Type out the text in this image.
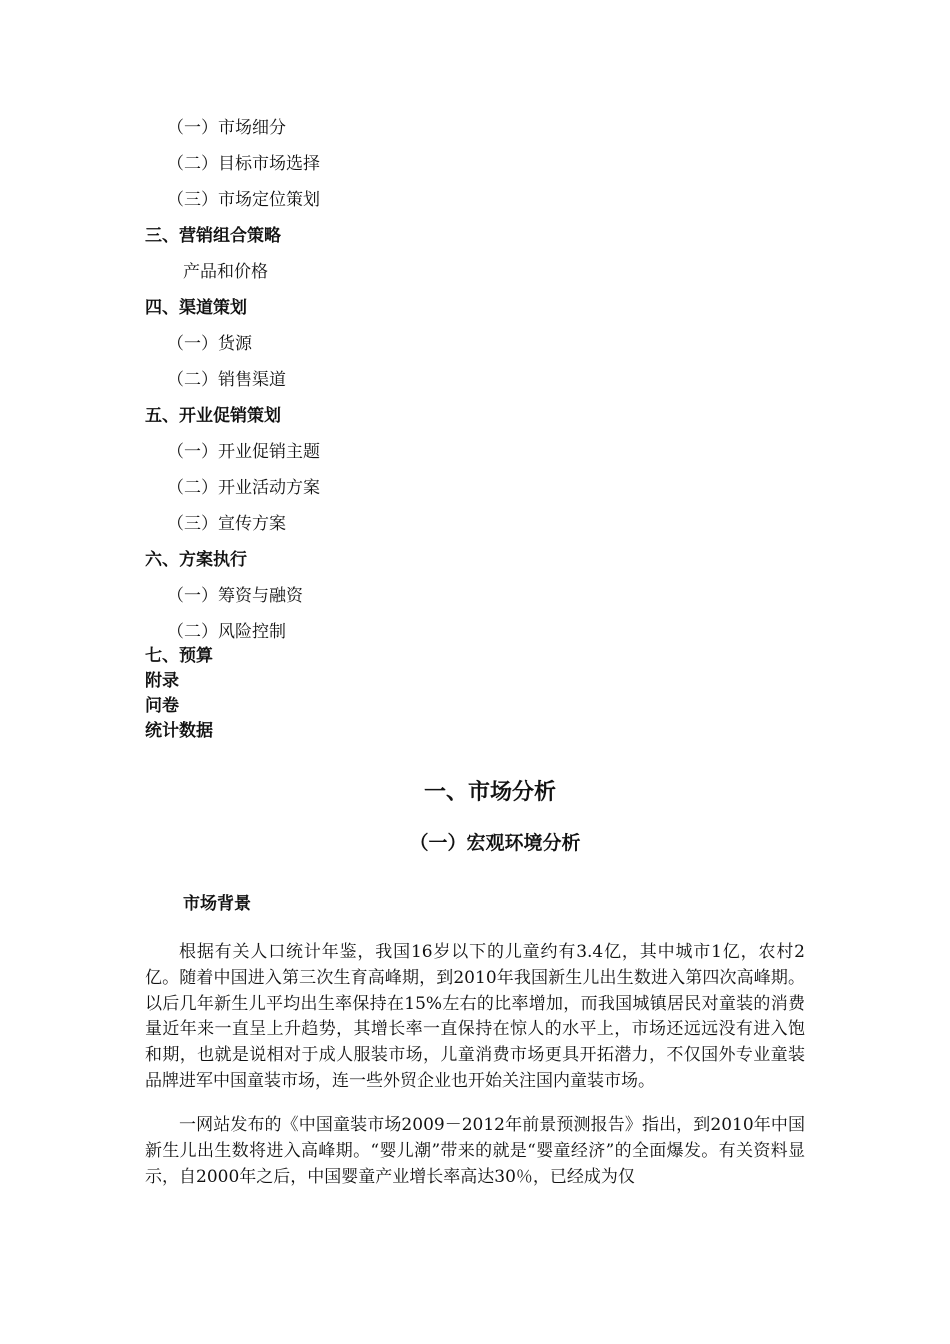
（一）市场细分
（二）目标市场选择
（三）市场定位策划
三、营销组合策略
产品和价格
四、渠道策划
（一）货源
（二）销售渠道
五、开业促销策划
（一）开业促销主题
（二）开业活动方案
（三）宣传方案
六、方案执行
（一）筹资与融资
（二）风险控制
七、预算
附录
问卷
统计数据
一、市场分析
（一）宏观环境分析
市场背景

根据有关人口统计年鉴，我国16岁以下的儿童约有3.4亿，其中城市1亿，农村2亿。随着中国进入第三次生育高峰期，到2010年我国新生儿出生数进入第四次高峰期。以后几年新生儿平均出生率保持在15%左右的比率增加，而我国城镇居民对童装的消费量近年来一直呈上升趋势，其增长率一直保持在惊人的水平上，市场还远远没有进入饱和期，也就是说相对于成人服装市场，儿童消费市场更具开拓潜力，不仅国外专业童装品牌进军中国童装市场，连一些外贸企业也开始关注国内童装市场。

一网站发布的《中国童装市场2009－2012年前景预测报告》指出，到2010年中国新生儿出生数将进入高峰期。“婴儿潮”带来的就是“婴童经济”的全面爆发。有关资料显示，自2000年之后，中国婴童产业增长率高达30％，已经成为仅
